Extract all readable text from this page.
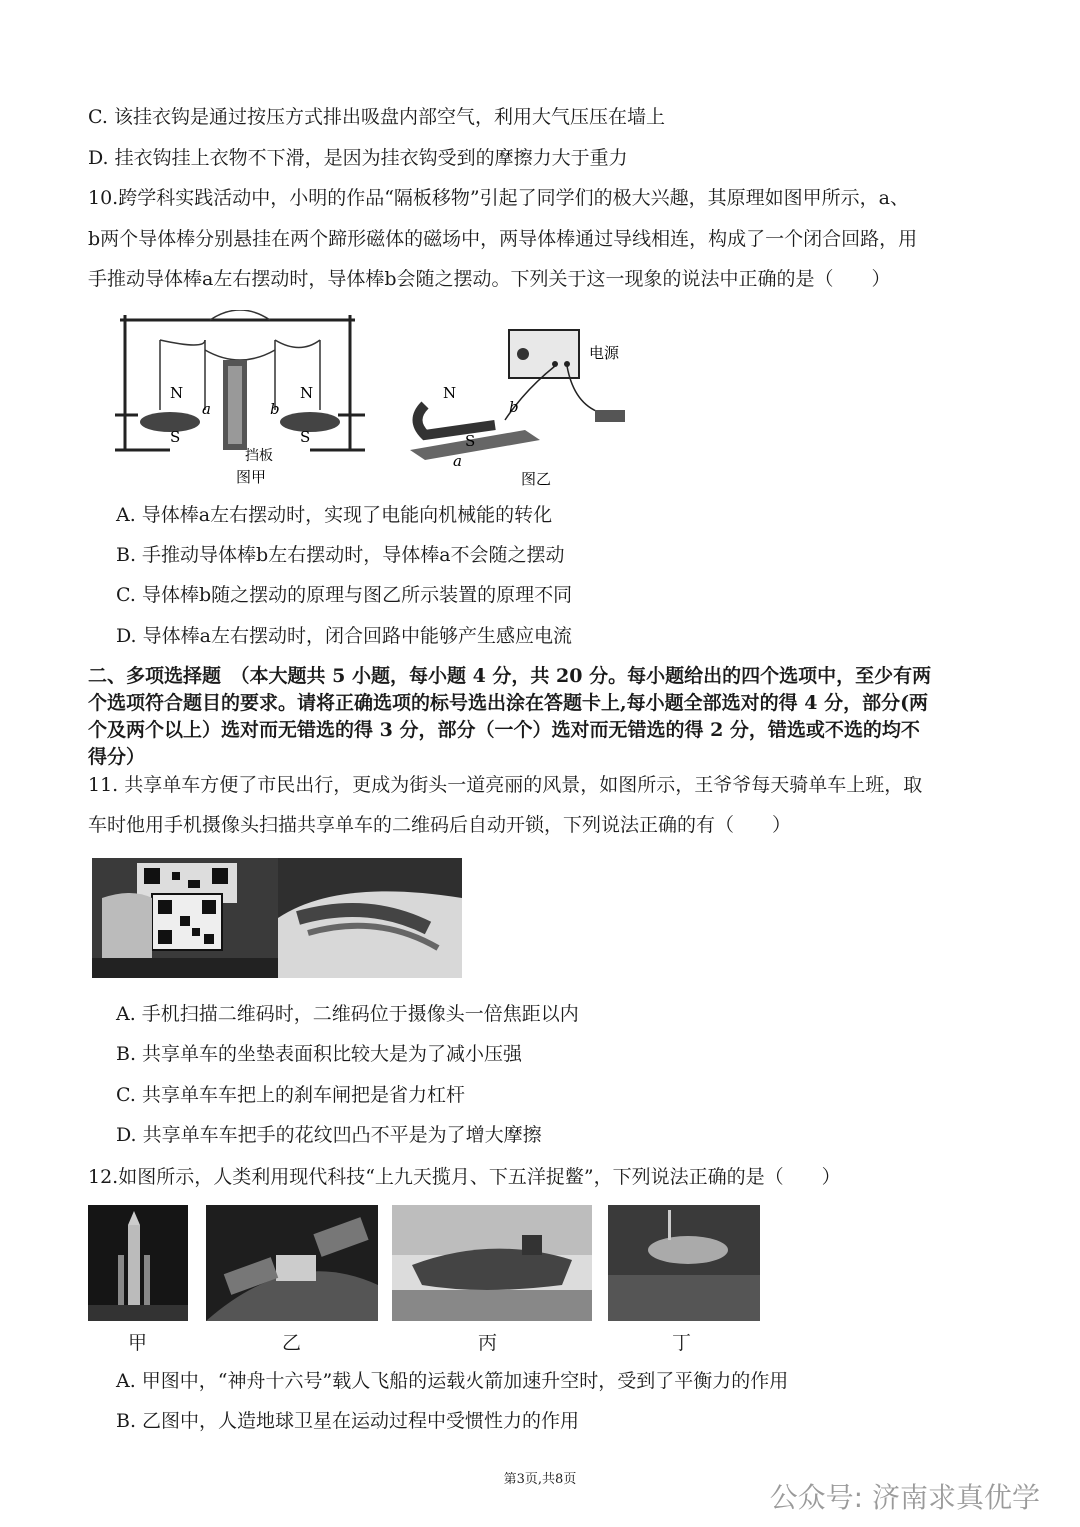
C. 该挂衣钩是通过按压方式排出吸盘内部空气，利用大气压压在墙上
D. 挂衣钩挂上衣物不下滑，是因为挂衣钩受到的摩擦力大于重力
10.跨学科实践活动中，小明的作品“隔板移物”引起了同学们的极大兴趣，其原理如图甲所示，a、
b两个导体棒分别悬挂在两个蹄形磁体的磁场中，两导体棒通过导线相连，构成了一个闭合回路，用
手推动导体棒a左右摆动时，导体棒b会随之摆动。下列关于这一现象的说法中正确的是（　　）
N
S
a
N
S
b
挡板
图甲
电源
N
S
b
a
图乙
A. 导体棒a左右摆动时，实现了电能向机械能的转化
B. 手推动导体棒b左右摆动时，导体棒a不会随之摆动
C. 导体棒b随之摆动的原理与图乙所示装置的原理不同
D. 导体棒a左右摆动时，闭合回路中能够产生感应电流
二、多项选择题　（本大题共 5 小题，每小题 4 分，共 20 分。每小题给出的四个选项中，至少有两
个选项符合题目的要求。请将正确选项的标号选出涂在答题卡上,每小题全部选对的得 4 分，部分(两
个及两个以上）选对而无错选的得 3 分，部分（一个）选对而无错选的得 2 分，错选或不选的均不
得分）
11. 共享单车方便了市民出行，更成为街头一道亮丽的风景，如图所示，王爷爷每天骑单车上班，取
车时他用手机摄像头扫描共享单车的二维码后自动开锁，下列说法正确的有（　　）
A. 手机扫描二维码时，二维码位于摄像头一倍焦距以内
B. 共享单车的坐垫表面积比较大是为了减小压强
C. 共享单车车把上的刹车闸把是省力杠杆
D. 共享单车车把手的花纹凹凸不平是为了增大摩擦
12.如图所示，人类利用现代科技“上九天揽月、下五洋捉鳖”，下列说法正确的是（　　）
甲	乙	丙	丁
A. 甲图中，“神舟十六号”载人飞船的运载火箭加速升空时，受到了平衡力的作用
B. 乙图中，人造地球卫星在运动过程中受惯性力的作用
第3页,共8页
公众号: 济南求真优学
